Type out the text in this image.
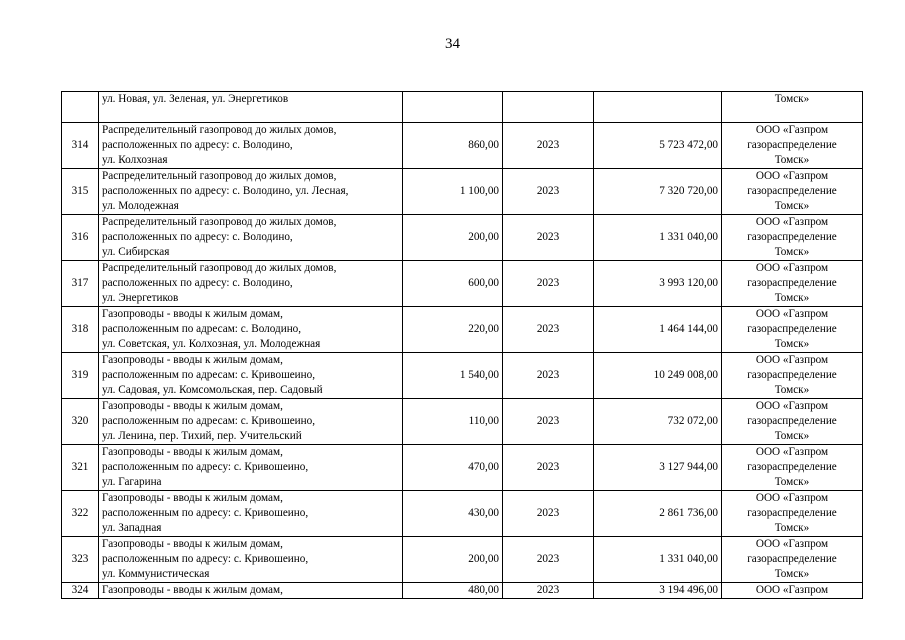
34
	ул. Новая, ул. Зеленая, ул. Энергетиков				Томск»
314	Распределительный газопровод до жилых домов,
расположенных по адресу: с. Володино,
ул. Колхозная	860,00	2023	5 723 472,00	ООО «Газпром
газораспределение
Томск»

315	Распределительный газопровод до жилых домов,
расположенных по адресу: с. Володино, ул. Лесная,
ул. Молодежная	1 100,00	2023	7 320 720,00	ООО «Газпром
газораспределение
Томск»

316	Распределительный газопровод до жилых домов,
расположенных по адресу: с. Володино,
ул. Сибирская	200,00	2023	1 331 040,00	ООО «Газпром
газораспределение
Томск»

317	Распределительный газопровод до жилых домов,
расположенных по адресу: с. Володино,
ул. Энергетиков	600,00	2023	3 993 120,00	ООО «Газпром
газораспределение
Томск»

318	Газопроводы - вводы к жилым домам,
расположенным по адресам: с. Володино,
ул. Советская, ул. Колхозная, ул. Молодежная	220,00	2023	1 464 144,00	ООО «Газпром
газораспределение
Томск»

319	Газопроводы - вводы к жилым домам,
расположенным по адресам: с. Кривошеино,
ул. Садовая, ул. Комсомольская, пер. Садовый	1 540,00	2023	10 249 008,00	ООО «Газпром
газораспределение
Томск»

320	Газопроводы - вводы к жилым домам,
расположенным по адресам: с. Кривошеино,
ул. Ленина, пер. Тихий, пер. Учительский	110,00	2023	732 072,00	ООО «Газпром
газораспределение
Томск»

321	Газопроводы - вводы к жилым домам,
расположенным по адресу: с. Кривошеино,
ул. Гагарина	470,00	2023	3 127 944,00	ООО «Газпром
газораспределение
Томск»

322	Газопроводы - вводы к жилым домам,
расположенным по адресу: с. Кривошеино,
ул. Западная	430,00	2023	2 861 736,00	ООО «Газпром
газораспределение
Томск»

323	Газопроводы - вводы к жилым домам,
расположенным по адресу: с. Кривошеино,
ул. Коммунистическая	200,00	2023	1 331 040,00	ООО «Газпром
газораспределение
Томск»

324	Газопроводы - вводы к жилым домам,	480,00	2023	3 194 496,00	ООО «Газпром
